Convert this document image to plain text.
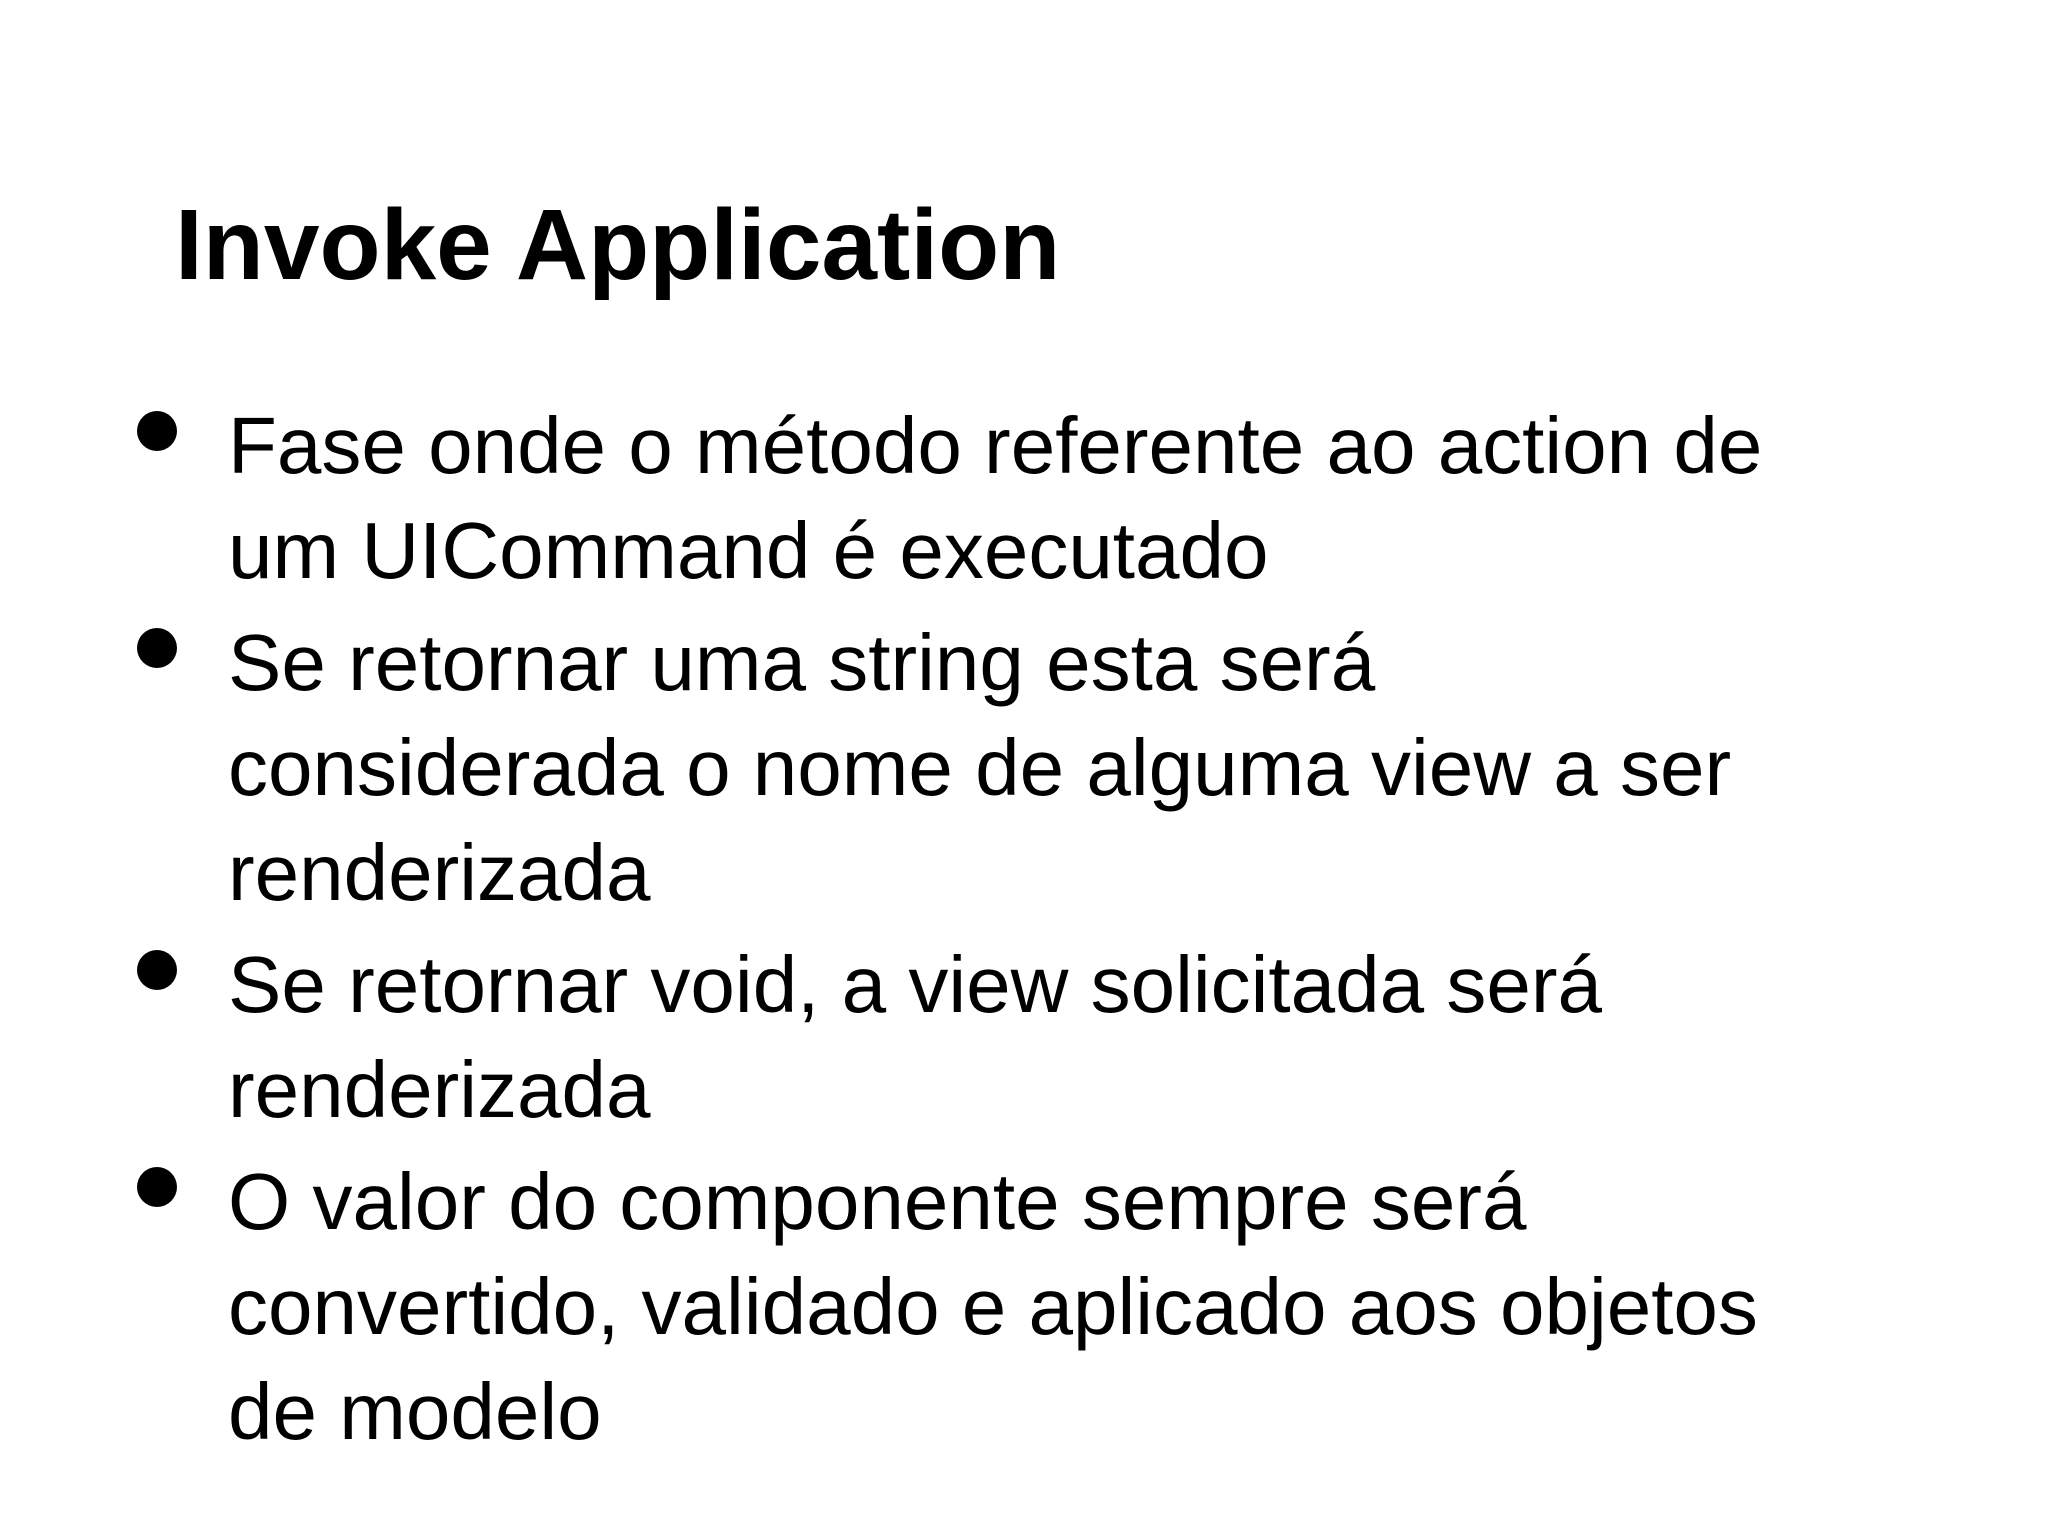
Invoke Application
Fase onde o método referente ao action de
um UICommand é executado
Se retornar uma string esta será
considerada o nome de alguma view a ser
renderizada
Se retornar void, a view solicitada será
renderizada
O valor do componente sempre será
convertido, validado e aplicado aos objetos
de modelo
